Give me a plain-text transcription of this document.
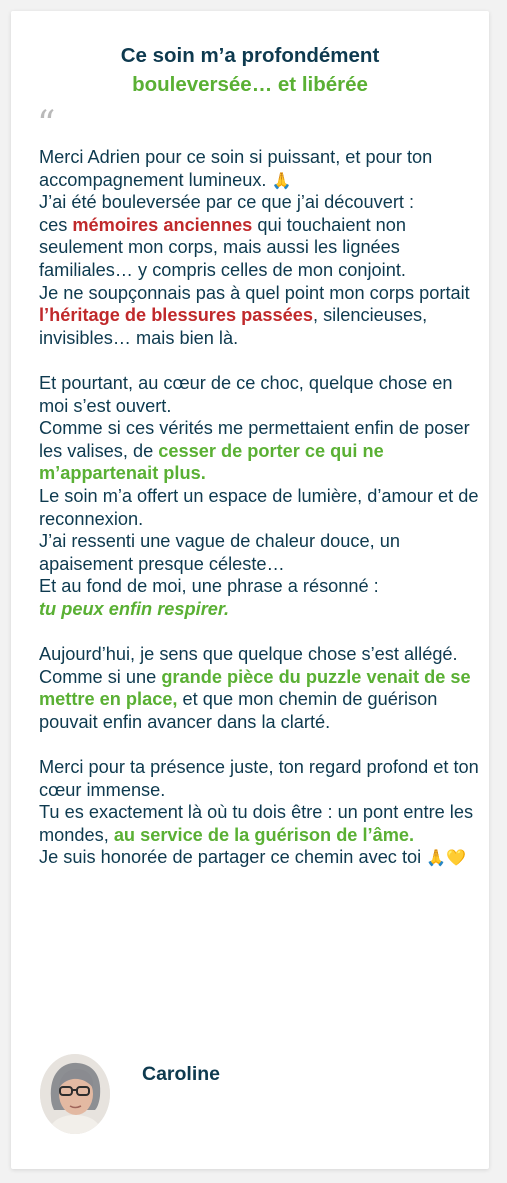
Ce soin m’a profondément
bouleversée… et libérée
“

Merci Adrien pour ce soin si puissant, et pour ton accompagnement lumineux. 🙏
J’ai été bouleversée par ce que j’ai découvert :
ces mémoires anciennes qui touchaient non seulement mon corps, mais aussi les lignées familiales… y compris celles de mon conjoint.
Je ne soupçonnais pas à quel point mon corps portait l’héritage de blessures passées, silencieuses, invisibles… mais bien là.

Et pourtant, au cœur de ce choc, quelque chose en moi s’est ouvert.
Comme si ces vérités me permettaient enfin de poser les valises, de cesser de porter ce qui ne m’appartenait plus.
Le soin m’a offert un espace de lumière, d’amour et de reconnexion.
J’ai ressenti une vague de chaleur douce, un apaisement presque céleste…
Et au fond de moi, une phrase a résonné :
tu peux enfin respirer.

Aujourd’hui, je sens que quelque chose s’est allégé.
Comme si une grande pièce du puzzle venait de se mettre en place, et que mon chemin de guérison pouvait enfin avancer dans la clarté.

Merci pour ta présence juste, ton regard profond et ton cœur immense.
Tu es exactement là où tu dois être : un pont entre les mondes, au service de la guérison de l’âme.
Je suis honorée de partager ce chemin avec toi 🙏💛

Caroline
